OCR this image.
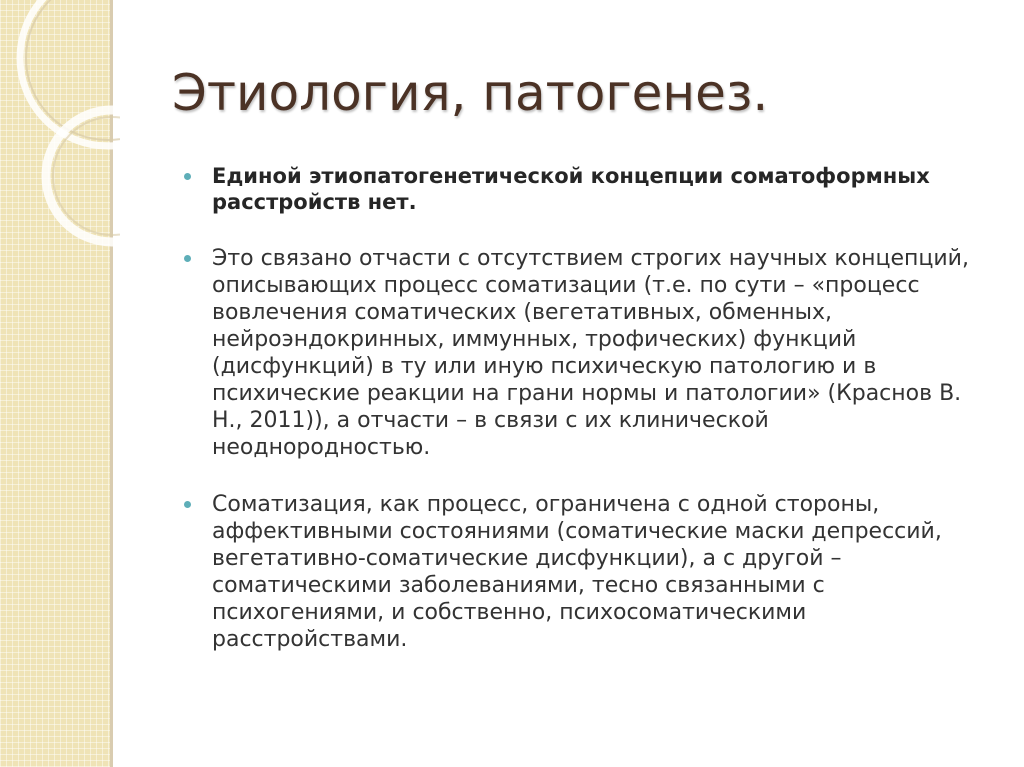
Этиология, патогенез.
Единой этиопатогенетической концепции соматоформных расстройств нет.
Это связано отчасти с отсутствием строгих научных концепций, описывающих процесс соматизации (т.е. по сути – «процесс вовлечения соматических (вегетативных, обменных, нейроэндокринных, иммунных, трофических) функций (дисфункций) в ту или иную психическую патологию и в психические реакции на грани нормы и патологии» (Краснов В. Н., 2011)), а отчасти – в связи с их клинической неоднородностью.
Соматизация, как процесс, ограничена с одной стороны, аффективными состояниями (соматические маски депрессий, вегетативно-соматические дисфункции), а с другой – соматическими заболеваниями, тесно связанными с психогениями, и собственно, психосоматическими расстройствами.
